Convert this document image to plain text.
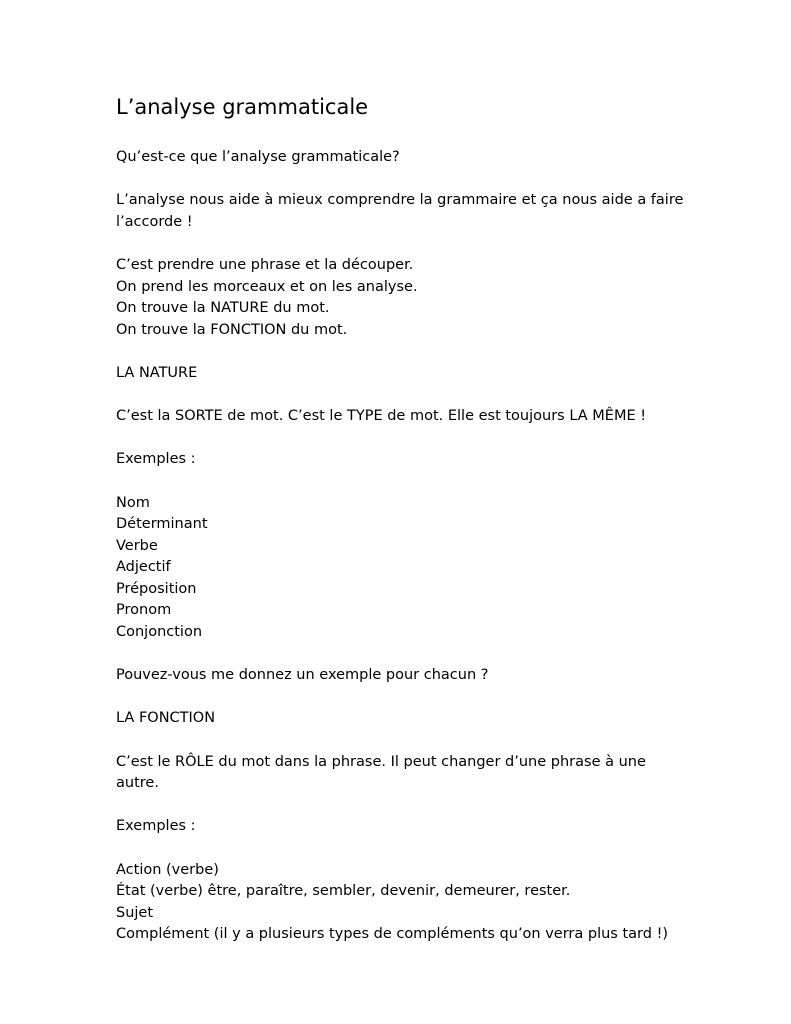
L’analyse grammaticale

Qu’est-ce que l’analyse grammaticale?

L’analyse nous aide à mieux comprendre la grammaire et ça nous aide a faire

l’accorde !

C’est prendre une phrase et la découper.

On prend les morceaux et on les analyse.

On trouve la NATURE du mot.

On trouve la FONCTION du mot.

LA NATURE

C’est la SORTE de mot. C’est le TYPE de mot. Elle est toujours LA MÊME !

Exemples :

Nom

Déterminant

Verbe

Adjectif

Préposition

Pronom

Conjonction

Pouvez-vous me donnez un exemple pour chacun ?

LA FONCTION

C’est le RÔLE du mot dans la phrase. Il peut changer d’une phrase à une

autre.

Exemples :

Action (verbe)

État (verbe) être, paraître, sembler, devenir, demeurer, rester.

Sujet

Complément (il y a plusieurs types de compléments qu’on verra plus tard !)
